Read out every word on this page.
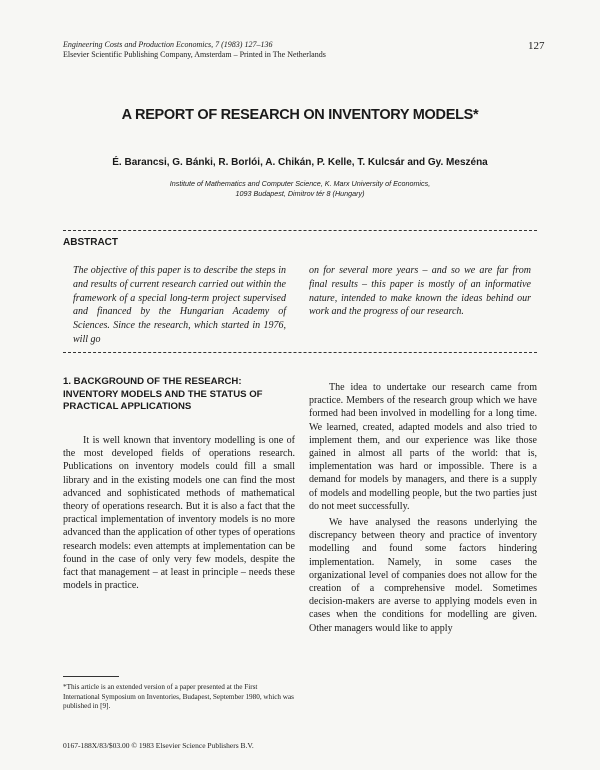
Engineering Costs and Production Economics, 7 (1983) 127–136
Elsevier Scientific Publishing Company, Amsterdam – Printed in The Netherlands
127
A REPORT OF RESEARCH ON INVENTORY MODELS*
É. Barancsi, G. Bánki, R. Borlói, A. Chikán, P. Kelle, T. Kulcsár and Gy. Meszéna
Institute of Mathematics and Computer Science, K. Marx University of Economics,
1093 Budapest, Dimitrov tér 8 (Hungary)
ABSTRACT
The objective of this paper is to describe the steps in and results of current research carried out within the framework of a special long-term project supervised and financed by the Hungarian Academy of Sciences. Since the research, which started in 1976, will go
on for several more years – and so we are far from final results – this paper is mostly of an informative nature, intended to make known the ideas behind our work and the progress of our research.
1. BACKGROUND OF THE RESEARCH: INVENTORY MODELS AND THE STATUS OF PRACTICAL APPLICATIONS

It is well known that inventory modelling is one of the most developed fields of operations research. Publications on inventory models could fill a small library and in the existing models one can find the most advanced and sophisticated methods of mathematical theory of operations research. But it is also a fact that the practical implementation of inventory models is no more advanced than the application of other types of operations research models: even attempts at implementation can be found in the case of only very few models, despite the fact that management – at least in principle – needs these models in practice.

The idea to undertake our research came from practice. Members of the research group which we have formed had been involved in modelling for a long time. We learned, created, adapted models and also tried to implement them, and our experience was like those gained in almost all parts of the world: that is, implementation was hard or impossible. There is a demand for models by managers, and there is a supply of models and modelling people, but the two parties just do not meet successfully.

We have analysed the reasons underlying the discrepancy between theory and practice of inventory modelling and found some factors hindering implementation. Namely, in some cases the organizational level of companies does not allow for the creation of a comprehensive model. Sometimes decision-makers are averse to applying models even in cases when the conditions for modelling are given. Other managers would like to apply

*This article is an extended version of a paper presented at the First International Symposium on Inventories, Budapest, September 1980, which was published in [9].
0167-188X/83/$03.00 © 1983 Elsevier Science Publishers B.V.
